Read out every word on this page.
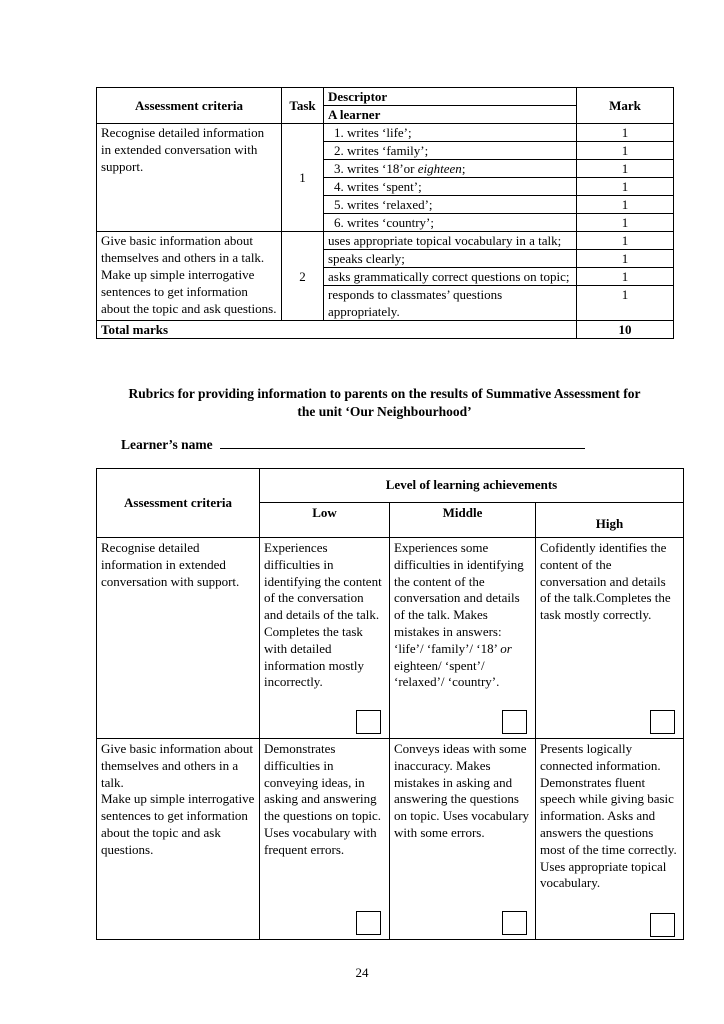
Assessment criteria	Task	Descriptor	Mark
		A learner	
Recognise detailed information in extended conversation with support.	1	1. writes ‘life’;	1
		2. writes ‘family’;	1
		3. writes ‘18’or eighteen;	1
		4. writes ‘spent’;	1
		5. writes ‘relaxed’;	1
		6. writes ‘country’;	1

Give basic information about themselves and others in a talk.
Make up simple interrogative sentences to get information about the topic and ask questions.	2	uses appropriate topical vocabulary in a talk;	1
		speaks clearly;	1
		asks grammatically correct questions on topic;	1
		responds to classmates’ questions appropriately.	1
Total marks			10
Rubrics for providing information to parents on the results of Summative Assessment for
the unit ‘Our Neighbourhood’
Learner’s name
Assessment criteria	Level of learning achievements		
	Low	Middle	High
Recognise detailed information in extended conversation with support.	Experiences difficulties in identifying the content of the conversation and details of the talk. Completes the task with detailed information mostly incorrectly.	Experiences some difficulties in identifying the content of the conversation and details of the talk. Makes mistakes in answers: ‘life’/ ‘family’/ ‘18’ or eighteen/ ‘spent’/ ‘relaxed’/ ‘country’.	Cofidently identifies the content of the conversation and details of the talk.Completes the task mostly correctly.

Give basic information about themselves and others in a talk.
Make up simple interrogative sentences to get information about the topic and ask questions.	Demonstrates difficulties in conveying ideas, in asking and answering the questions on topic. Uses vocabulary with frequent errors.	Conveys ideas with some inaccuracy. Makes mistakes in asking and answering the questions on topic. Uses vocabulary with some errors.	Presents logically connected information. Demonstrates fluent speech while giving basic information. Asks and answers the questions most of the time correctly. Uses appropriate topical vocabulary.
24
